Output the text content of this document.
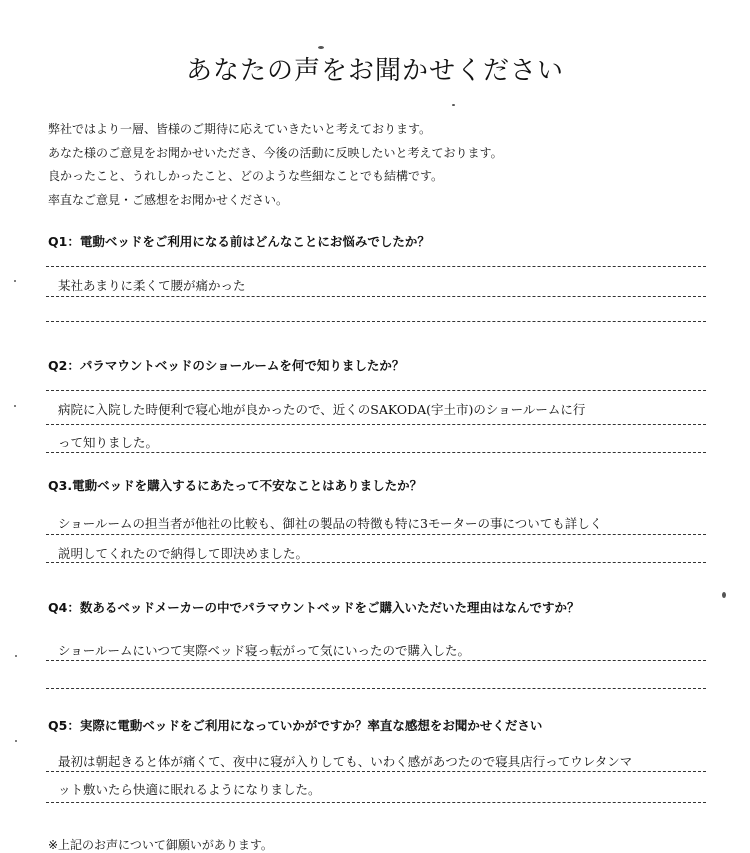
あなたの声をお聞かせください
弊社ではより一層、皆様のご期待に応えていきたいと考えております。
あなた様のご意見をお聞かせいただき、今後の活動に反映したいと考えております。
良かったこと、うれしかったこと、どのような些細なことでも結構です。
率直なご意見・ご感想をお聞かせください。
Q1：電動ベッドをご利用になる前はどんなことにお悩みでしたか？
某社あまりに柔くて腰が痛かった
Q2：パラマウントベッドのショールームを何で知りましたか？
病院に入院した時便利で寝心地が良かったので、近くのSAKODA(宇土市)のショールームに行
って知りました。
Q3.電動ベッドを購入するにあたって不安なことはありましたか？
ショールームの担当者が他社の比較も、御社の製品の特徴も特に3モーターの事についても詳しく
説明してくれたので納得して即決めました。
Q4：数あるベッドメーカーの中でパラマウントベッドをご購入いただいた理由はなんですか？
ショールームにいつて実際ベッド寝っ転がって気にいったので購入した。
Q5：実際に電動ベッドをご利用になっていかがですか？率直な感想をお聞かせください
最初は朝起きると体が痛くて、夜中に寝が入りしても、いわく感があつたので寝具店行ってウレタンマ
ット敷いたら快適に眠れるようになりました。
※上記のお声について御願いがあります。
